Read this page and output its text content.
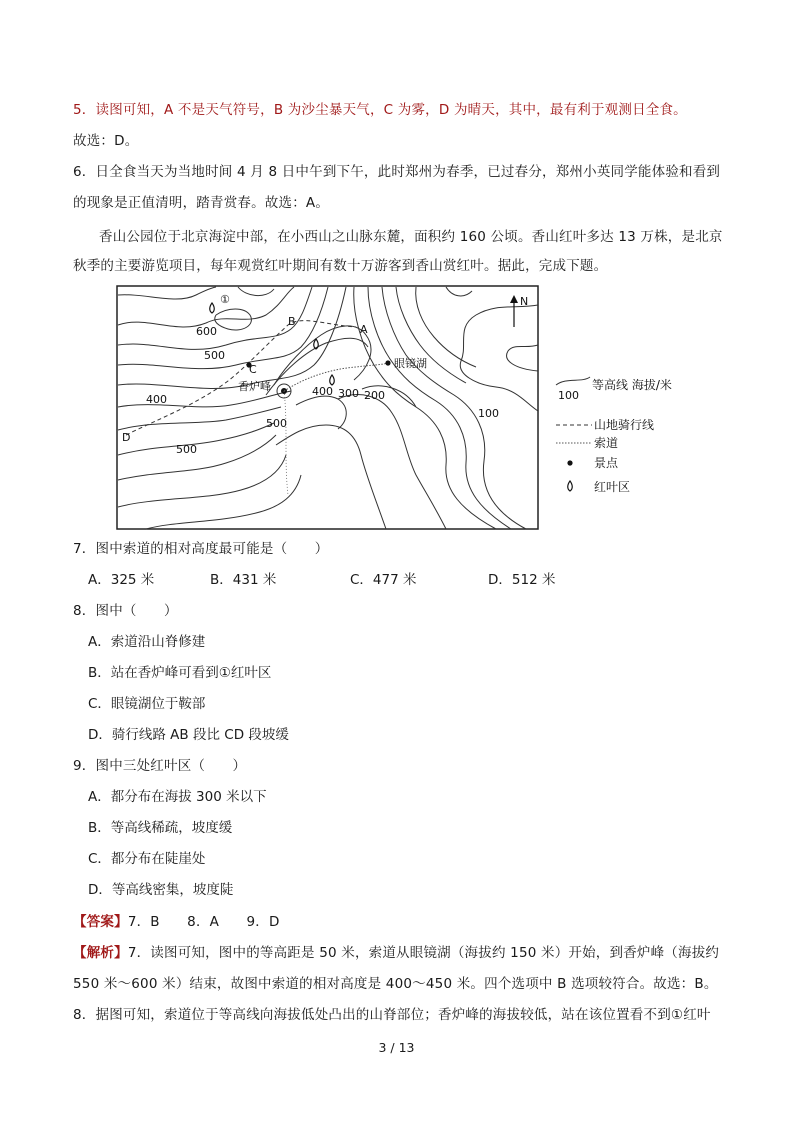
5．读图可知，A 不是天气符号，B 为沙尘暴天气，C 为雾，D 为晴天，其中，最有利于观测日全食。
故选：D。
6．日全食当天为当地时间 4 月 8 日中午到下午，此时郑州为春季，已过春分，郑州小英同学能体验和看到
的现象是正值清明，踏青赏春。故选：A。
香山公园位于北京海淀中部，在小西山之山脉东麓，面积约 160 公顷。香山红叶多达 13 万株，是北京
秋季的主要游览项目，每年观赏红叶期间有数十万游客到香山赏红叶。据此，完成下题。
B
A
C
D
眼镜湖
香炉峰
①
600
500
400
400 300 200
100
500
500
N
100
等高线 海拔/米
山地骑行线
索道
景点
红叶区
7．图中索道的相对高度最可能是（　　）
A．325 米	B．431 米	C．477 米	D．512 米
8．图中（　　）
A．索道沿山脊修建
B．站在香炉峰可看到①红叶区
C．眼镜湖位于鞍部
D．骑行线路 AB 段比 CD 段坡缓
9．图中三处红叶区（　　）
A．都分布在海拔 300 米以下
B．等高线稀疏，坡度缓
C．都分布在陡崖处
D．等高线密集，坡度陡
【答案】7．B　　8．A　　9．D
【解析】7．读图可知，图中的等高距是 50 米，索道从眼镜湖（海拔约 150 米）开始，到香炉峰（海拔约
550 米～600 米）结束，故图中索道的相对高度是 400～450 米。四个选项中 B 选项较符合。故选：B。
8．据图可知，索道位于等高线向海拔低处凸出的山脊部位；香炉峰的海拔较低，站在该位置看不到①红叶
3 / 13
